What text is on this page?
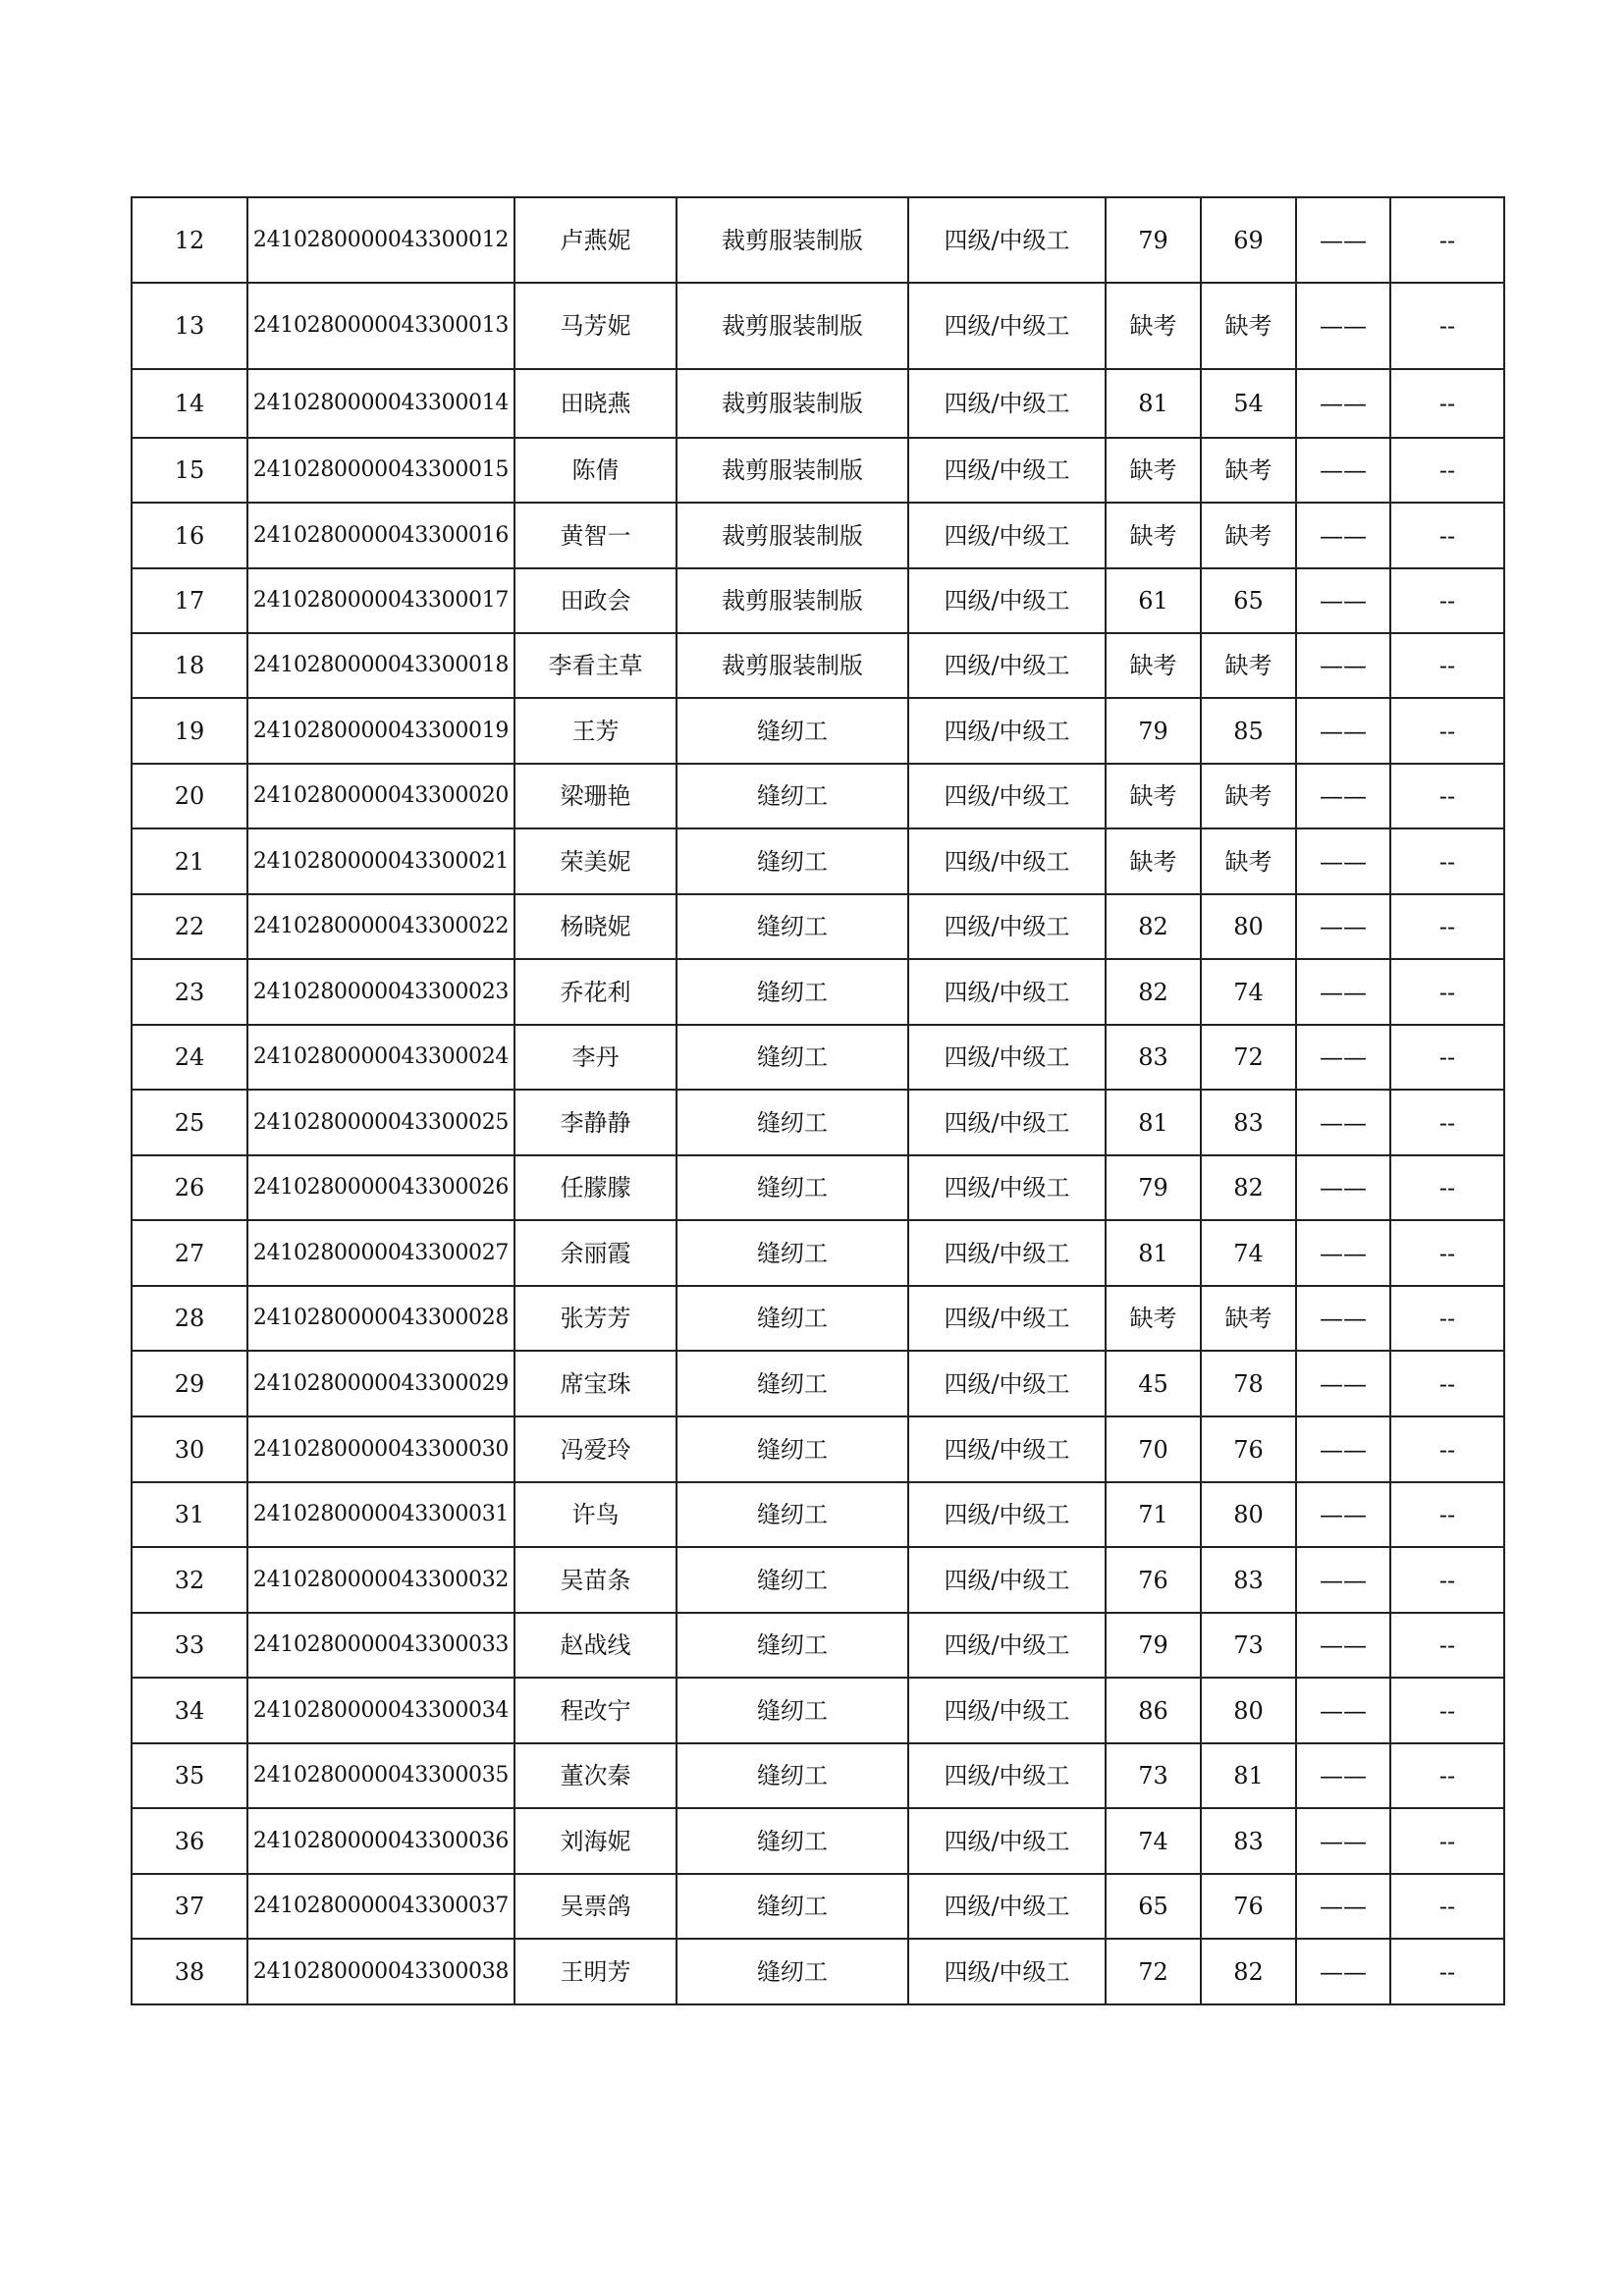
12	2410280000043300012	卢燕妮	裁剪服装制版	四级/中级工	79	69	——	--
13	2410280000043300013	马芳妮	裁剪服装制版	四级/中级工	缺考	缺考	——	--
14	2410280000043300014	田晓燕	裁剪服装制版	四级/中级工	81	54	——	--
15	2410280000043300015	陈倩	裁剪服装制版	四级/中级工	缺考	缺考	——	--
16	2410280000043300016	黄智一	裁剪服装制版	四级/中级工	缺考	缺考	——	--
17	2410280000043300017	田政会	裁剪服装制版	四级/中级工	61	65	——	--
18	2410280000043300018	李看主草	裁剪服装制版	四级/中级工	缺考	缺考	——	--
19	2410280000043300019	王芳	缝纫工	四级/中级工	79	85	——	--
20	2410280000043300020	梁珊艳	缝纫工	四级/中级工	缺考	缺考	——	--
21	2410280000043300021	荣美妮	缝纫工	四级/中级工	缺考	缺考	——	--
22	2410280000043300022	杨晓妮	缝纫工	四级/中级工	82	80	——	--
23	2410280000043300023	乔花利	缝纫工	四级/中级工	82	74	——	--
24	2410280000043300024	李丹	缝纫工	四级/中级工	83	72	——	--
25	2410280000043300025	李静静	缝纫工	四级/中级工	81	83	——	--
26	2410280000043300026	任朦朦	缝纫工	四级/中级工	79	82	——	--
27	2410280000043300027	余丽霞	缝纫工	四级/中级工	81	74	——	--
28	2410280000043300028	张芳芳	缝纫工	四级/中级工	缺考	缺考	——	--
29	2410280000043300029	席宝珠	缝纫工	四级/中级工	45	78	——	--
30	2410280000043300030	冯爱玲	缝纫工	四级/中级工	70	76	——	--
31	2410280000043300031	许鸟	缝纫工	四级/中级工	71	80	——	--
32	2410280000043300032	吴苗条	缝纫工	四级/中级工	76	83	——	--
33	2410280000043300033	赵战线	缝纫工	四级/中级工	79	73	——	--
34	2410280000043300034	程改宁	缝纫工	四级/中级工	86	80	——	--
35	2410280000043300035	董次秦	缝纫工	四级/中级工	73	81	——	--
36	2410280000043300036	刘海妮	缝纫工	四级/中级工	74	83	——	--
37	2410280000043300037	吴票鸽	缝纫工	四级/中级工	65	76	——	--
38	2410280000043300038	王明芳	缝纫工	四级/中级工	72	82	——	--
